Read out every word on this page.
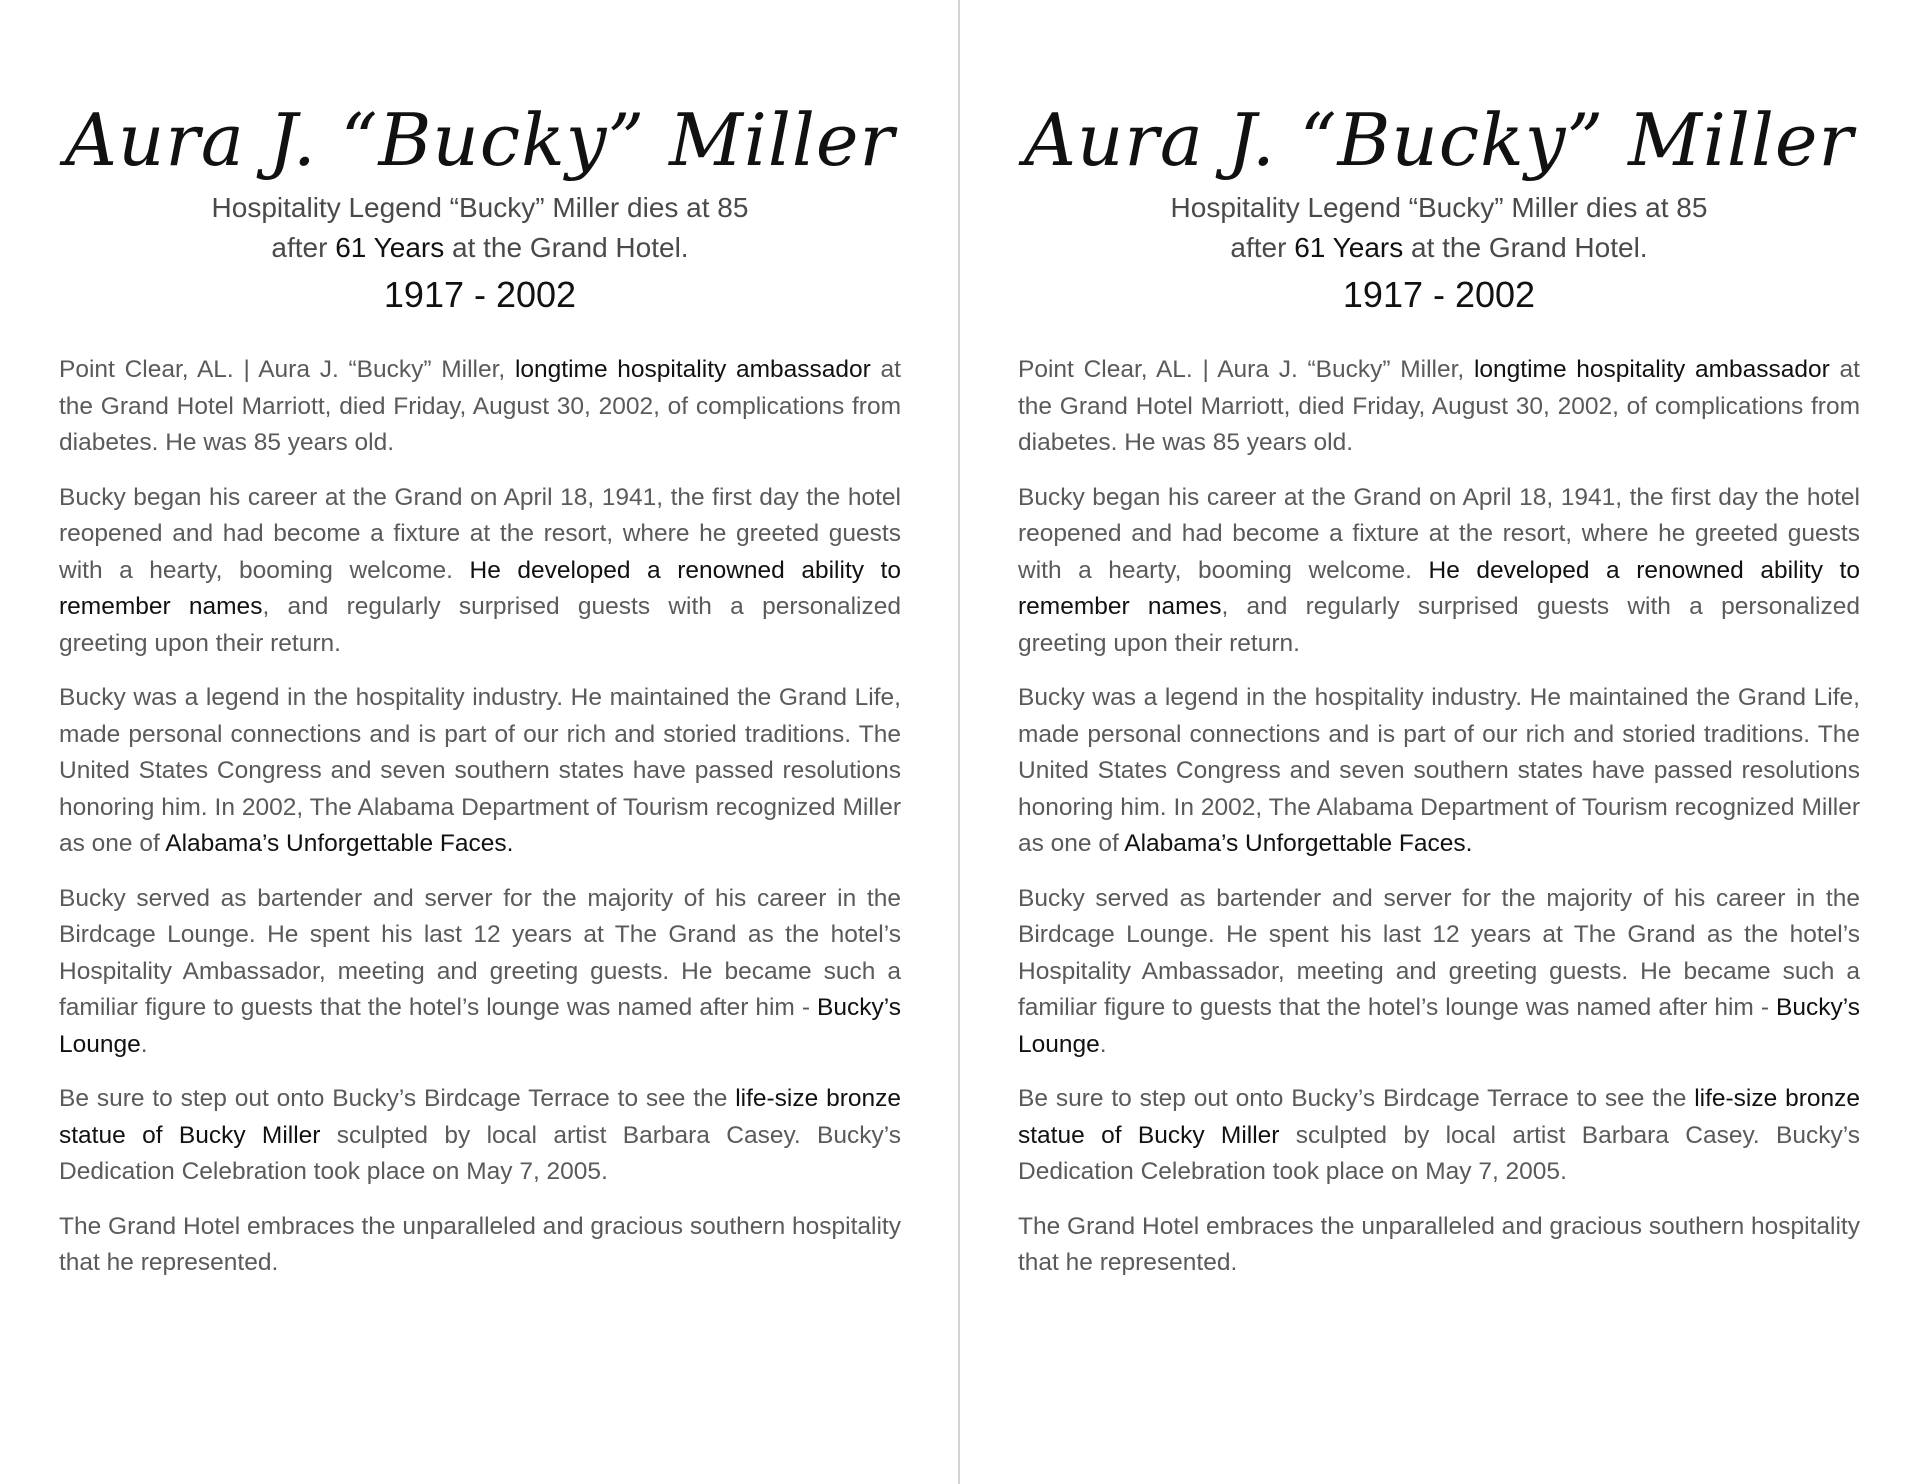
Aura J. “Bucky” Miller
Hospitality Legend “Bucky” Miller dies at 85
after 61 Years at the Grand Hotel.
1917 - 2002

Point Clear, AL. | Aura J. “Bucky” Miller, longtime hospitality ambassador at the Grand Hotel Marriott, died Friday, August 30, 2002, of complications from diabetes. He was 85 years old.

Bucky began his career at the Grand on April 18, 1941, the first day the hotel reopened and had become a fixture at the resort, where he greeted guests with a hearty, booming welcome. He developed a renowned ability to remember names, and regularly surprised guests with a personalized greeting upon their return.

Bucky was a legend in the hospitality industry. He maintained the Grand Life, made personal connections and is part of our rich and storied traditions. The United States Congress and seven southern states have passed resolutions honoring him. In 2002, The Alabama Department of Tourism recognized Miller as one of Alabama’s Unforgettable Faces.

Bucky served as bartender and server for the majority of his career in the Birdcage Lounge. He spent his last 12 years at The Grand as the hotel’s Hospitality Ambassador, meeting and greeting guests. He became such a familiar figure to guests that the hotel’s lounge was named after him - Bucky’s Lounge.

Be sure to step out onto Bucky’s Birdcage Terrace to see the life-size bronze statue of Bucky Miller sculpted by local artist Barbara Casey. Bucky’s Dedication Celebration took place on May 7, 2005.

The Grand Hotel embraces the unparalleled and gracious southern hospitality that he represented.

Aura J. “Bucky” Miller
Hospitality Legend “Bucky” Miller dies at 85
after 61 Years at the Grand Hotel.
1917 - 2002

Point Clear, AL. | Aura J. “Bucky” Miller, longtime hospitality ambassador at the Grand Hotel Marriott, died Friday, August 30, 2002, of complications from diabetes. He was 85 years old.

Bucky began his career at the Grand on April 18, 1941, the first day the hotel reopened and had become a fixture at the resort, where he greeted guests with a hearty, booming welcome. He developed a renowned ability to remember names, and regularly surprised guests with a personalized greeting upon their return.

Bucky was a legend in the hospitality industry. He maintained the Grand Life, made personal connections and is part of our rich and storied traditions. The United States Congress and seven southern states have passed resolutions honoring him. In 2002, The Alabama Department of Tourism recognized Miller as one of Alabama’s Unforgettable Faces.

Bucky served as bartender and server for the majority of his career in the Birdcage Lounge. He spent his last 12 years at The Grand as the hotel’s Hospitality Ambassador, meeting and greeting guests. He became such a familiar figure to guests that the hotel’s lounge was named after him - Bucky’s Lounge.

Be sure to step out onto Bucky’s Birdcage Terrace to see the life-size bronze statue of Bucky Miller sculpted by local artist Barbara Casey. Bucky’s Dedication Celebration took place on May 7, 2005.

The Grand Hotel embraces the unparalleled and gracious southern hospitality that he represented.
